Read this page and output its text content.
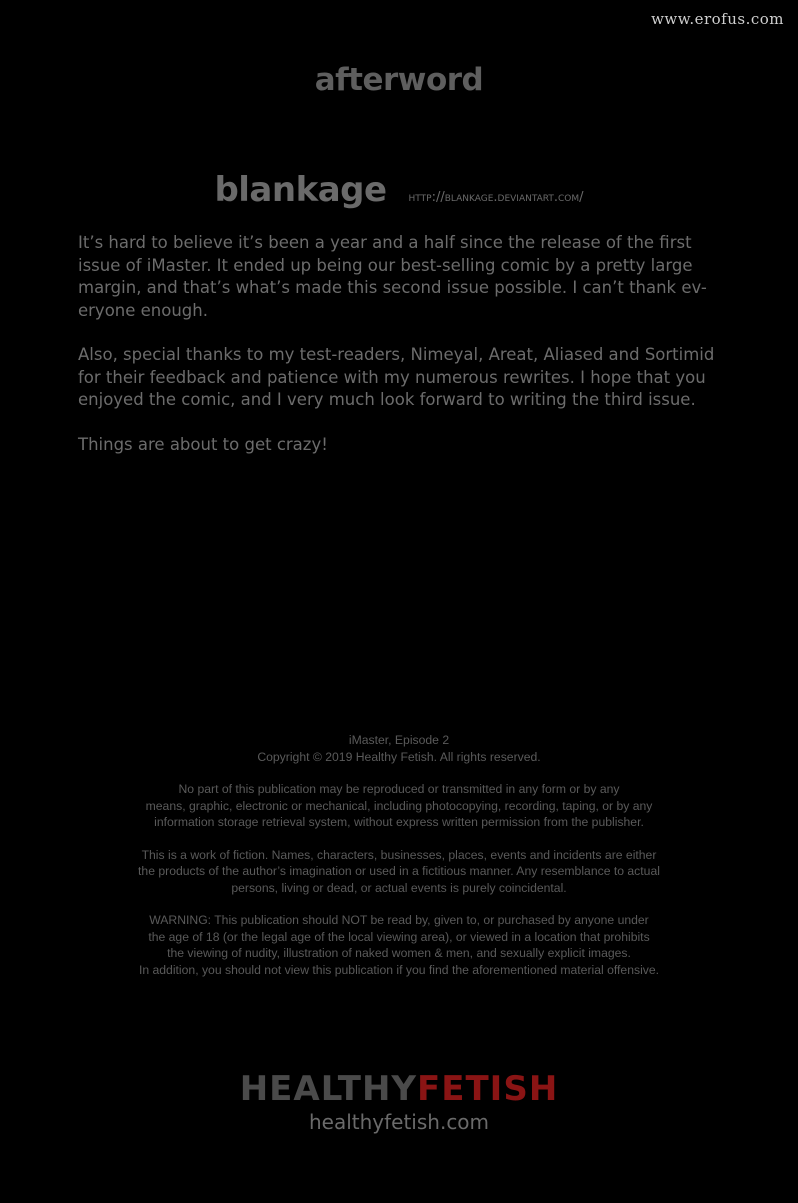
www.erofus.com
afterword
blankage http://blankage.deviantart.com/

It’s hard to believe it’s been a year and a half since the release of the first issue of iMaster. It ended up being our best-selling comic by a pretty large margin, and that’s what’s made this second issue possible. I can’t thank ev-eryone enough.

Also, special thanks to my test-readers, Nimeyal, Areat, Aliased and Sortimid for their feedback and patience with my numerous rewrites. I hope that you enjoyed the comic, and I very much look forward to writing the third issue.

Things are about to get crazy!

iMaster, Episode 2
Copyright © 2019 Healthy Fetish. All rights reserved.
No part of this publication may be reproduced or transmitted in any form or by any
means, graphic, electronic or mechanical, including photocopying, recording, taping, or by any
information storage retrieval system, without express written permission from the publisher.
This is a work of fiction. Names, characters, businesses, places, events and incidents are either
the products of the author’s imagination or used in a fictitious manner. Any resemblance to actual
persons, living or dead, or actual events is purely coincidental.
WARNING: This publication should NOT be read by, given to, or purchased by anyone under
the age of 18 (or the legal age of the local viewing area), or viewed in a location that prohibits
the viewing of nudity, illustration of naked women & men, and sexually explicit images.
In addition, you should not view this publication if you find the aforementioned material offensive.
HEALTHYFETISH
healthyfetish.com
